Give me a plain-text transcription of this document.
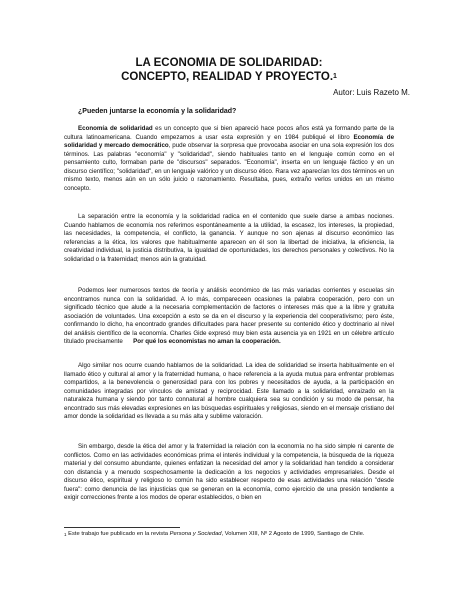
LA ECONOMIA DE SOLIDARIDAD:
CONCEPTO, REALIDAD Y PROYECTO.$^1$
Autor: Luis Razeto M.
¿Pueden juntarse la economía y la solidaridad?
Economía de solidaridad es un concepto que si bien apareció hace pocos años está ya formando parte de la cultura latinoamericana. Cuando empezamos a usar esta expresión y en 1984 publiqué el libro Economía de solidaridad y mercado democrático, pude observar la sorpresa que provocaba asociar en una sola expresión los dos términos. Las palabras "economía" y "solidaridad", siendo habituales tanto en el lenguaje común como en el pensamiento culto, formaban parte de "discursos" separados. "Economía", inserta en un lenguaje fáctico y en un discurso científico; "solidaridad", en un lenguaje valórico y un discurso ético. Rara vez aparecían los dos términos en un mismo texto, menos aún en un sólo juicio o razonamiento. Resultaba, pues, extraño verlos unidos en un mismo concepto.
La separación entre la economía y la solidaridad radica en el contenido que suele darse a ambas nociones. Cuando hablamos de economía nos referimos espontáneamente a la utilidad, la escasez, los intereses, la propiedad, las necesidades, la competencia, el conflicto, la ganancia. Y aunque no son ajenas al discurso económico las referencias a la ética, los valores que habitualmente aparecen en él son la libertad de iniciativa, la eficiencia, la creatividad individual, la justicia distributiva, la igualdad de oportunidades, los derechos personales y colectivos. No la solidaridad o la fraternidad; menos aún la gratuidad.
Podemos leer numerosos textos de teoría y análisis económico de las más variadas corrientes y escuelas sin encontramos nunca con la solidaridad. A lo más, compareceen ocasiones la palabra cooperación, pero con un significado técnico que alude a la necesaria complementación de factores o intereses más que a la libre y gratuita asociación de voluntades. Una excepción a esto se da en el discurso y la experiencia del cooperativismo; pero éste, confirmando lo dicho, ha encontrado grandes dificultades para hacer presente su contenido ético y doctrinario al nivel del análisis científico de la economía. Charles Gide expresó muy bien esta ausencia ya en 1921 en un célebre artículo titulado precisamente Por qué los economistas no aman la cooperación.
Algo similar nos ocurre cuando hablamos de la solidaridad. La idea de solidaridad se inserta habitualmente en el llamado ético y cultural al amor y la fraternidad humana, o hace referencia a la ayuda mutua para enfrentar problemas compartidos, a la benevolencia o generosidad para con los pobres y necesitados de ayuda, a la participación en comunidades integradas por vínculos de amistad y reciprocidad. Este llamado a la solidaridad, enraizado en la naturaleza humana y siendo por tanto connatural al hombre cualquiera sea su condición y su modo de pensar, ha encontrado sus más elevadas expresiones en las búsquedas espirituales y religiosas, siendo en el mensaje cristiano del amor donde la solidaridad es llevada a su más alta y sublime valoración.
Sin embargo, desde la ética del amor y la fraternidad la relación con la economía no ha sido simple ni carente de conflictos. Como en las actividades económicas prima el interés individual y la competencia, la búsqueda de la riqueza material y del consumo abundante, quienes enfatizan la necesidad del amor y la solidaridad han tendido a considerar con distancia y a menudo sospechosamente la dedicación a los negocios y actividades empresariales. Desde el discurso ético, espiritual y religioso lo común ha sido establecer respecto de esas actividades una relación "desde fuera": como denuncia de las injusticias que se generan en la economía, como ejercicio de una presión tendiente a exigir correcciones frente a los modos de operar establecidos, o bien en
$^1$ Este trabajo fue publicado en la revista Persona y Sociedad, Volumen XIII, Nº 2 Agosto de 1999, Santiago de Chile.
